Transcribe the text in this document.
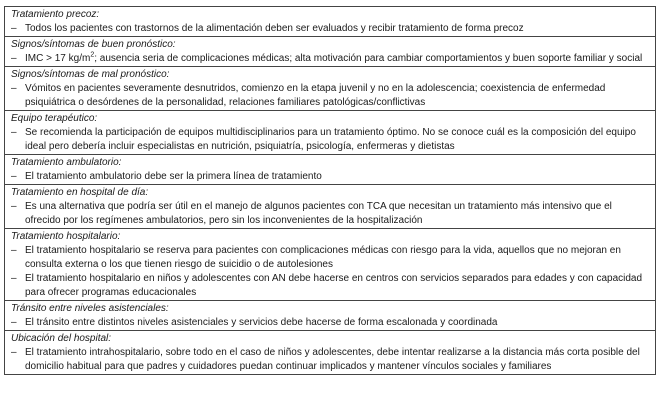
Tratamiento precoz:
– Todos los pacientes con trastornos de la alimentación deben ser evaluados y recibir tratamiento de forma precoz
Signos/síntomas de buen pronóstico:
– IMC > 17 $kg/m^2$; ausencia seria de complicaciones médicas; alta motivación para cambiar comportamientos y buen soporte familiar y social
Signos/síntomas de mal pronóstico:
– Vómitos en pacientes severamente desnutridos, comienzo en la etapa juvenil y no en la adolescencia; coexistencia de enfermedad psiquiátrica o desórdenes de la personalidad, relaciones familiares patológicas/conflictivas
Equipo terapéutico:
– Se recomienda la participación de equipos multidisciplinarios para un tratamiento óptimo. No se conoce cuál es la composición del equipo ideal pero debería incluir especialistas en nutrición, psiquiatría, psicología, enfermeras y dietistas
Tratamiento ambulatorio:
– El tratamiento ambulatorio debe ser la primera línea de tratamiento
Tratamiento en hospital de día:
– Es una alternativa que podría ser útil en el manejo de algunos pacientes con TCA que necesitan un tratamiento más intensivo que el ofrecido por los regímenes ambulatorios, pero sin los inconvenientes de la hospitalización
Tratamiento hospitalario:
– El tratamiento hospitalario se reserva para pacientes con complicaciones médicas con riesgo para la vida, aquellos que no mejoran en consulta externa o los que tienen riesgo de suicidio o de autolesiones
– El tratamiento hospitalario en niños y adolescentes con AN debe hacerse en centros con servicios separados para edades y con capacidad para ofrecer programas educacionales
Tránsito entre niveles asistenciales:
– El tránsito entre distintos niveles asistenciales y servicios debe hacerse de forma escalonada y coordinada
Ubicación del hospital:
– El tratamiento intrahospitalario, sobre todo en el caso de niños y adolescentes, debe intentar realizarse a la distancia más corta posible del domicilio habitual para que padres y cuidadores puedan continuar implicados y mantener vínculos sociales y familiares
